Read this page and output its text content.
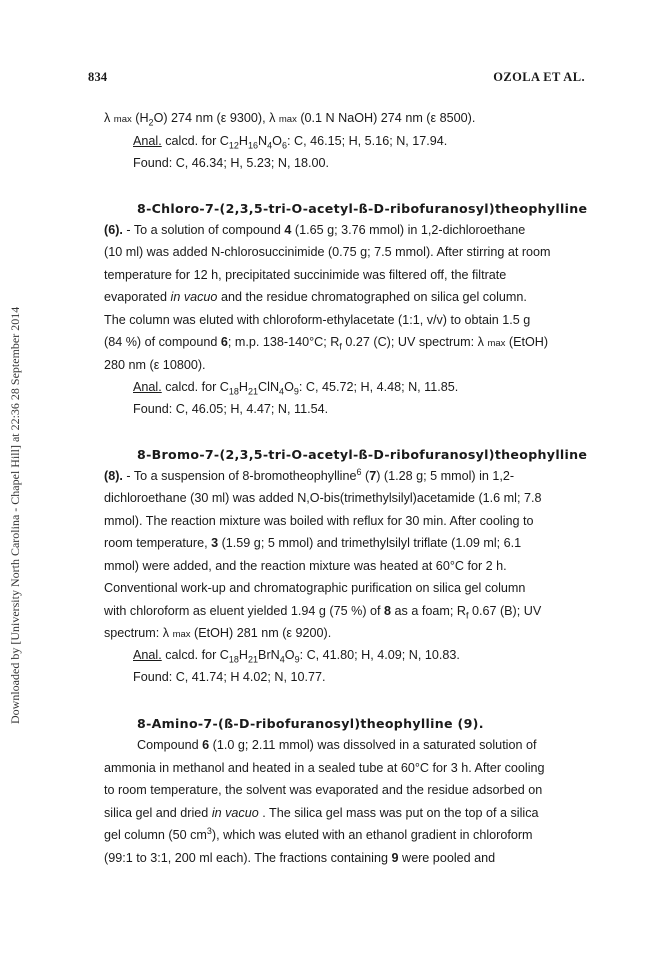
834	OZOLA ET AL.
Downloaded by [University North Carolina - Chapel Hill] at 22:36 28 September 2014
λ $\max (H_2O)$ 274 nm (ε 9300), λ max (0.1 N NaOH) 274 nm (ε 8500).
Anal. calcd. for $C_{12}H_{16}N_4O_6$: C, 46.15; H, 5.16; N, 17.94.
Found: C, 46.34; H, 5.23; N, 18.00.
8-Chloro-7-(2,3,5-tri-O-acetyl-ß-D-ribofuranosyl)theophylline
(6). - To a solution of compound 4 (1.65 g; 3.76 mmol) in 1,2-dichloroethane
(10 ml) was added N-chlorosuccinimide (0.75 g; 7.5 mmol). After stirring at room
temperature for 12 h, precipitated succinimide was filtered off, the filtrate
evaporated in vacuo and the residue chromatographed on silica gel column.
The column was eluted with chloroform-ethylacetate (1:1, v/v) to obtain 1.5 g
(84 %) of compound 6; m.p. 138-140°C; $R_f$ 0.27 (C); UV spectrum: λ max (EtOH)
280 nm (ε 10800).
Anal. calcd. for $C_{18}H_{21}ClN_4O_9$: C, 45.72; H, 4.48; N, 11.85.
Found: C, 46.05; H, 4.47; N, 11.54.
8-Bromo-7-(2,3,5-tri-O-acetyl-ß-D-ribofuranosyl)theophylline
(8). - To a suspension of 8-bromotheophylline$^6$ (7) (1.28 g; 5 mmol) in 1,2-
dichloroethane (30 ml) was added N,O-bis(trimethylsilyl)acetamide (1.6 ml; 7.8
mmol). The reaction mixture was boiled with reflux for 30 min. After cooling to
room temperature, 3 (1.59 g; 5 mmol) and trimethylsilyl triflate (1.09 ml; 6.1
mmol) were added, and the reaction mixture was heated at 60°C for 2 h.
Conventional work-up and chromatographic purification on silica gel column
with chloroform as eluent yielded 1.94 g (75 %) of 8 as a foam; $R_f$ 0.67 (B); UV
spectrum: λ max (EtOH) 281 nm (ε 9200).
Anal. calcd. for $C_{18}H_{21}BrN_4O_9$: C, 41.80; H, 4.09; N, 10.83.
Found: C, 41.74; H 4.02; N, 10.77.
8-Amino-7-(ß-D-ribofuranosyl)theophylline (9).
Compound 6 (1.0 g; 2.11 mmol) was dissolved in a saturated solution of
ammonia in methanol and heated in a sealed tube at 60°C for 3 h. After cooling
to room temperature, the solvent was evaporated and the residue adsorbed on
silica gel and dried in vacuo . The silica gel mass was put on the top of a silica
gel column (50 $cm^3$), which was eluted with an ethanol gradient in chloroform
(99:1 to 3:1, 200 ml each). The fractions containing 9 were pooled and
